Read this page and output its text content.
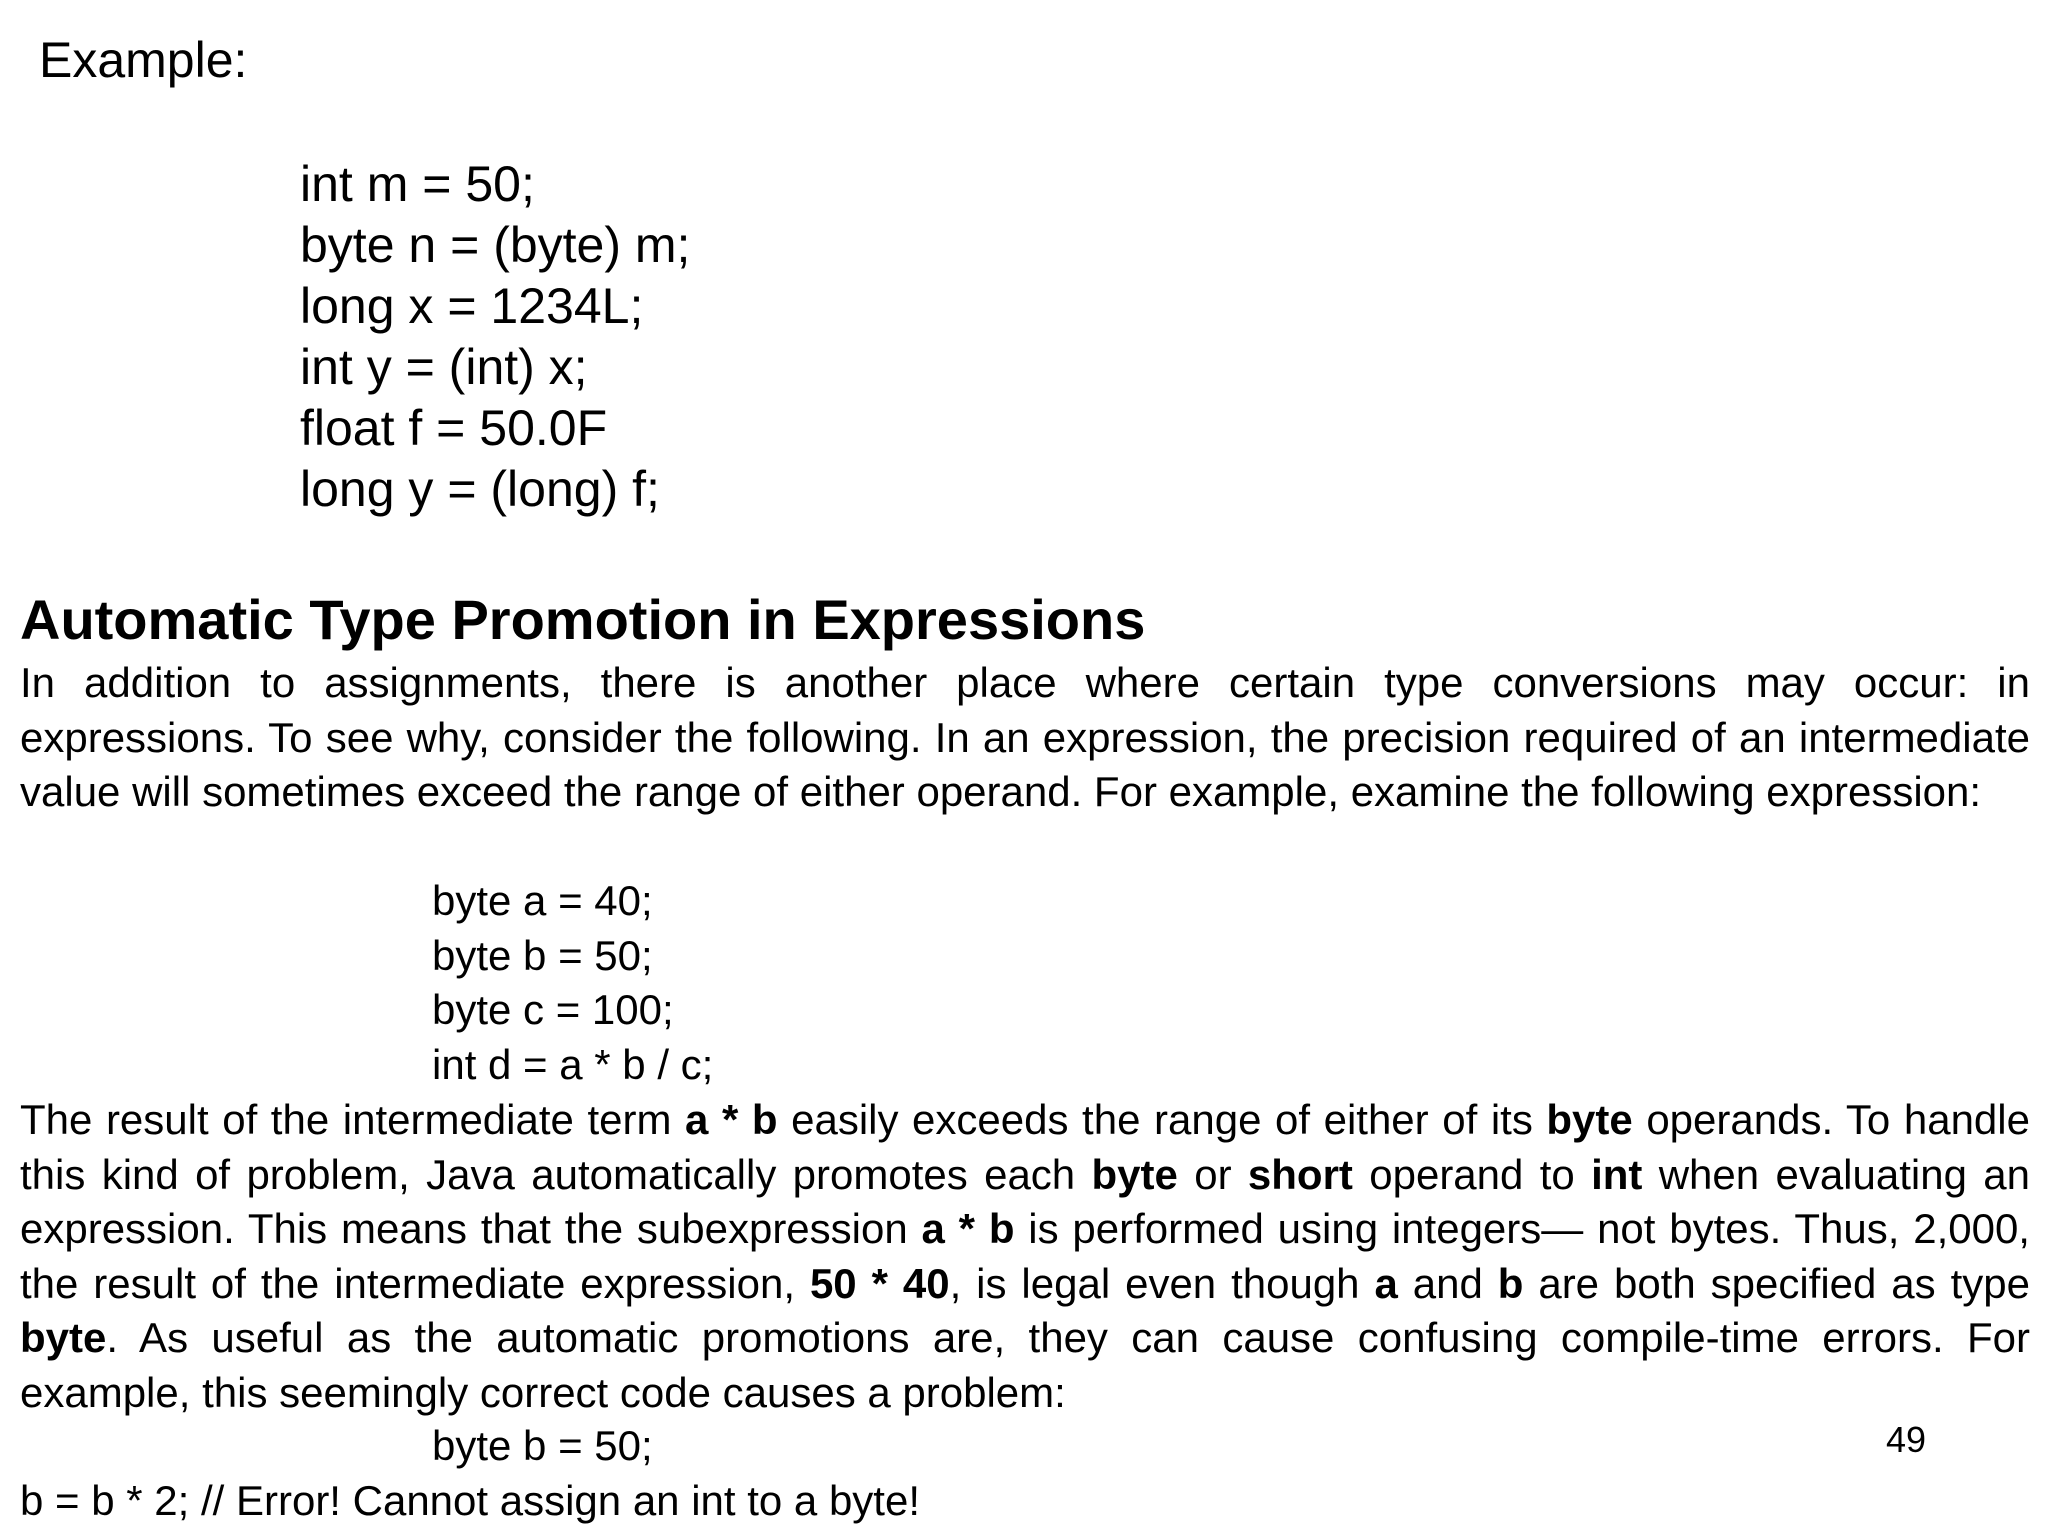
Example:
int m = 50;
byte n = (byte) m;
long x = 1234L;
int y = (int) x;
float f = 50.0F
long y = (long) f;
Automatic Type Promotion in Expressions
In addition to assignments, there is another place where certain type conversions may occur: in expressions. To see why, consider the following. In an expression, the precision required of an intermediate value will sometimes exceed the range of either operand. For example, examine the following expression:
byte a = 40;
byte b = 50;
byte c = 100;
int d = a * b / c;
The result of the intermediate term a * b easily exceeds the range of either of its byte operands. To handle this kind of problem, Java automatically promotes each byte or short operand to int when evaluating an expression. This means that the subexpression a * b is performed using integers— not bytes. Thus, 2,000, the result of the intermediate expression, 50 * 40, is legal even though a and b are both specified as type byte. As useful as the automatic promotions are, they can cause confusing compile-time errors. For example, this seemingly correct code causes a problem:
byte b = 50;	49
b = b * 2; // Error! Cannot assign an int to a byte!
